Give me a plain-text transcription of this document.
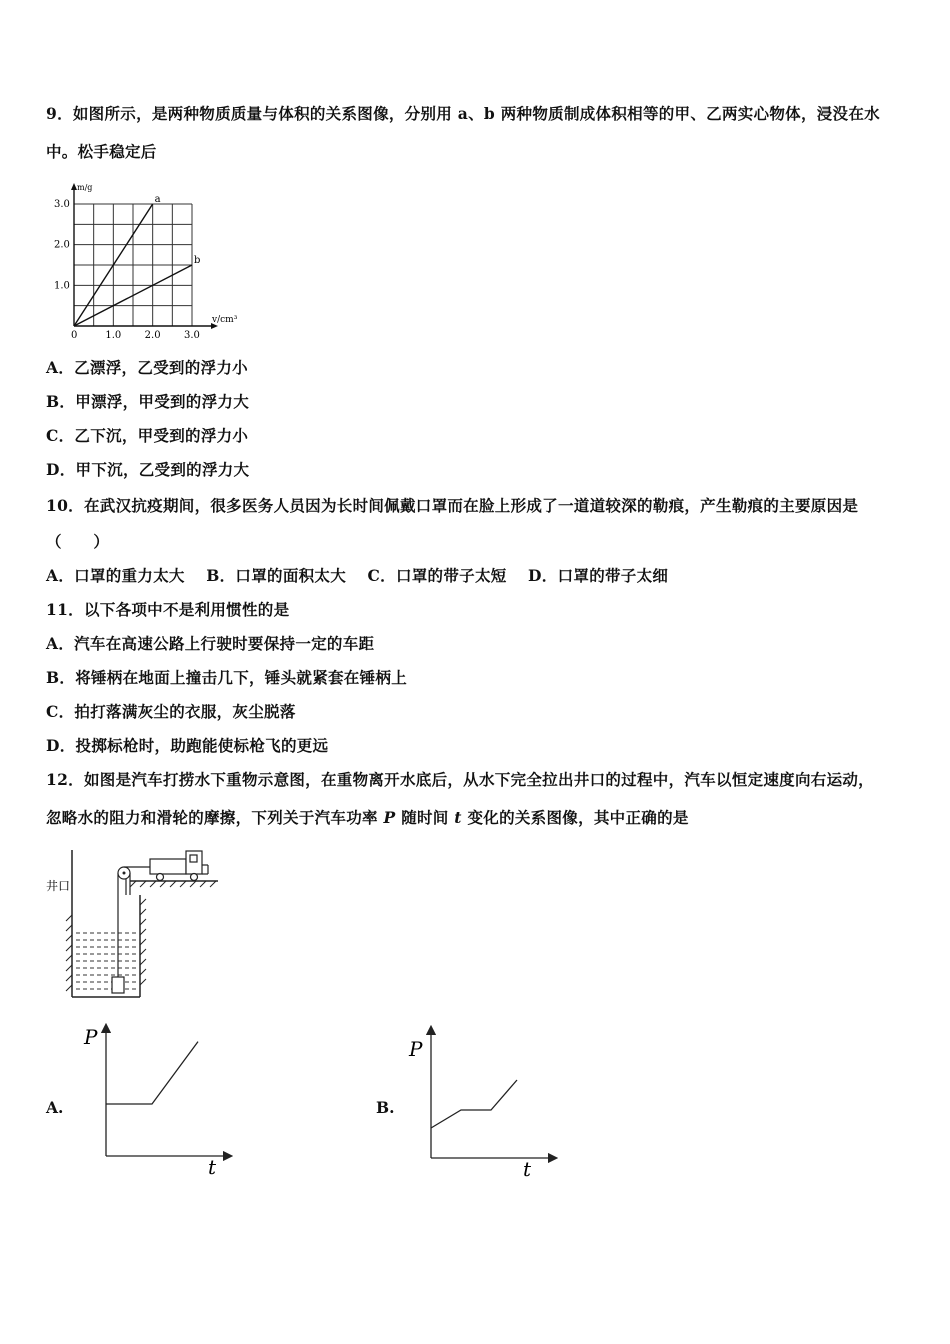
9．如图所示，是两种物质质量与体积的关系图像，分别用 a、b 两种物质制成体积相等的甲、乙两实心物体，浸没在水
中。松手稳定后
a
b
0	1.0 2.0 3.0
1.0
2.0
3.0
m/g
v/cm³
A．乙漂浮，乙受到的浮力小
B．甲漂浮，甲受到的浮力大
C．乙下沉，甲受到的浮力小
D．甲下沉，乙受到的浮力大
10．在武汉抗疫期间，很多医务人员因为长时间佩戴口罩而在脸上形成了一道道较深的勒痕，产生勒痕的主要原因是
（　　）
A．口罩的重力太大　 B．口罩的面积太大　 C．口罩的带子太短　 D．口罩的带子太细
11．以下各项中不是利用惯性的是
A．汽车在高速公路上行驶时要保持一定的车距
B．将锤柄在地面上撞击几下，锤头就紧套在锤柄上
C．拍打落满灰尘的衣服，灰尘脱落
D．投掷标枪时，助跑能使标枪飞的更远
12．如图是汽车打捞水下重物示意图，在重物离开水底后，从水下完全拉出井口的过程中，汽车以恒定速度向右运动，
忽略水的阻力和滑轮的摩擦，下列关于汽车功率 P 随时间 t 变化的关系图像，其中正确的是
井口
A.
P
t
B.
P
t
